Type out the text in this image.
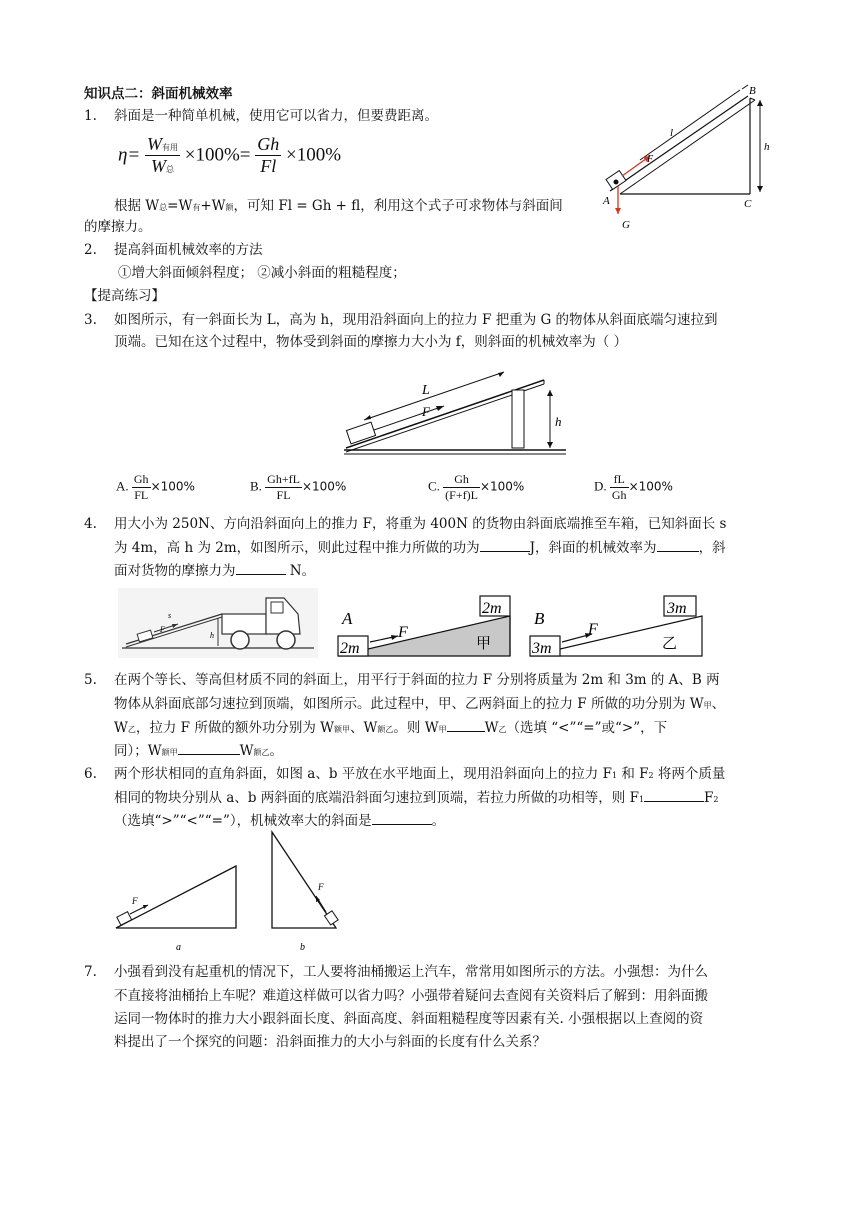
知识点二：斜面机械效率
1. 斜面是一种简单机械，使用它可以省力，但要费距离。
$\eta= \frac{\text{W有用}}{\text{W总}} \times 100\%= \frac{Gh}{Fl} \times 100\%$
根据 W总=W有+W额，可知 Fl = Gh + fl，利用这个式子可求物体与斜面间
的摩擦力。
B
A	C
G
h
l
F
2. 提高斜面机械效率的方法
①增大斜面倾斜程度； ②减小斜面的粗糙程度；
【提高练习】
3. 如图所示，有一斜面长为 L，高为 h，现用沿斜面向上的拉力 F 把重为 G 的物体从斜面底端匀速拉到
顶端。已知在这个过程中，物体受到斜面的摩擦力大小为 f，则斜面的机械效率为（ ）
L
F
h
A. $\frac{Gh}{FL} \times 100\%$	B. $\frac{Gh+fL}{FL} \times 100\%$	C. $\frac{Gh}{(F+f)L} \times 100\%$	D. $\frac{fL}{Gh} \times 100\%$
4. 用大小为 250N、方向沿斜面向上的推力 F，将重为 400N 的货物由斜面底端推至车箱，已知斜面长 s
为 4m，高 h 为 2m，如图所示，则此过程中推力所做的功为	J，斜面的机械效率为	，斜
面对货物的摩擦力为	N。
s
F
h
A
F
2m
2m
甲
B
F
3m
3m
乙
5. 在两个等长、等高但材质不同的斜面上，用平行于斜面的拉力 F 分别将质量为 2m 和 3m 的 A、B 两
物体从斜面底部匀速拉到顶端，如图所示。此过程中，甲、乙两斜面上的拉力 F 所做的功分别为 W甲、
W乙，拉力 F 所做的额外功分别为 W额甲、W额乙。则 W甲	W乙（选填 “<”“=”或“>”，下
同）；W额甲	W额乙。
6. 两个形状相同的直角斜面，如图 a、b 平放在水平地面上，现用沿斜面向上的拉力 F1 和 F2 将两个质量
相同的物块分别从 a、b 两斜面的底端沿斜面匀速拉到顶端，若拉力所做的功相等，则 F1	F2
（选填“>”“<”“=”），机械效率大的斜面是	。
F
a
F
b
7. 小强看到没有起重机的情况下，工人要将油桶搬运上汽车，常常用如图所示的方法。小强想：为什么
不直接将油桶抬上车呢？难道这样做可以省力吗？小强带着疑问去查阅有关资料后了解到：用斜面搬
运同一物体时的推力大小跟斜面长度、斜面高度、斜面粗糙程度等因素有关. 小强根据以上查阅的资
料提出了一个探究的问题：沿斜面推力的大小与斜面的长度有什么关系？
